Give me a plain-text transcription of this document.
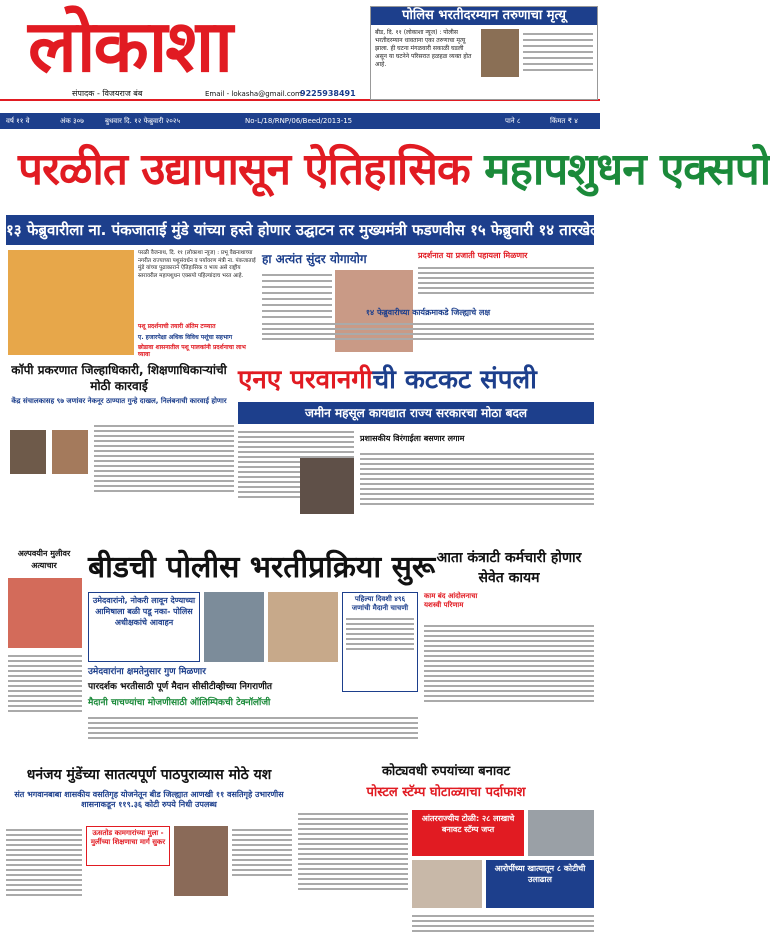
लोकाशा
संपादक - विजयराज बंब	Email - lokasha@gmail.com
9225938491
पोलिस भरतीदरम्यान तरुणाचा मृत्यू
बीड, दि. ११ (लोकाशा न्यूज) : पोलीस भरतीदरम्यान धावताना एका तरुणाचा मृत्यू झाला. ही घटना मंगळवारी सकाळी घडली असून या घटनेने परिसरात हळहळ व्यक्त होत आहे.
वर्ष ११ वे	अंक ३०७	बुधवार दि. १२ फेब्रुवारी २०२५	No-L/18/RNP/06/Beed/2013-15	पाने ८	किंमत ₹ ४
परळीत उद्यापासून ऐतिहासिक महापशुधन एक्सपो
१३ फेब्रुवारीला ना. पंकजाताई मुंडे यांच्या हस्ते होणार उद्घाटन तर मुख्यमंत्री फडणवीस १५ फेब्रुवारी १४ तारखेला येणार
परळी वैजनाथ, दि. ११ (लोकाशा न्यूज) : प्रभू वैद्यनाथाच्या नगरीत राज्याच्या पशुसंवर्धन व पर्यावरण मंत्री ना. पंकजाताई मुंडे यांच्या पुढाकाराने ऐतिहासिक व भव्य असे राष्ट्रीय स्तरावरील महापशुधन एक्सपो पहिल्यांदाच भरत आहे.
पशू प्रदर्शनाची तयारी अंतिम टप्प्यात
ए. हजारपेक्षा अधिक विविध पशूंचा सहभाग
छोडावा शासनातील पशू पालकांनी प्रदर्शनाचा लाभ घ्यावा
हा अत्यंत सुंदर योगायोग	प्रदर्शनात या प्रजाती पहायला मिळणार
१४ फेब्रुवारीच्या कार्यक्रमाकडे जिल्ह्याचे लक्ष
कॉपी प्रकरणात जिल्हाधिकारी, शिक्षणाधिकाऱ्यांची मोठी कारवाई
केंद्र संचालकासह ९७ जणांवर नेकनूर ठाण्यात गुन्हे दाखल, निलंबनाची कारवाई होणार
एनए परवानगीची कटकट संपली
जमीन महसूल कायद्यात राज्य सरकारचा मोठा बदल
प्रशासकीय विरंगाईला बसणार लगाम
अल्पवयीन मुलीवर अत्याचार	बीडची पोलीस भरतीप्रक्रिया सुरू
उमेदवारांनो, नोकरी लावून देण्याच्या आमिषाला बळी पडू नका- पोलिस अधीक्षकांचे आवाहन
पहिल्या दिवशी ४९६ जणांची मैदानी चाचणी
उमेदवारांना क्षमतेनुसार गुण मिळणार
पारदर्शक भरतीसाठी पूर्ण मैदान सीसीटीव्हीच्या निगराणीत
मैदानी चाचण्यांचा मोजणीसाठी ऑलिम्पिकची टेक्नॉलॉजी
आता कंत्राटी कर्मचारी होणार सेवेत कायम
काम बंद आंदोलनाचा यशस्वी परिणाम
धनंजय मुंडेंच्या सातत्यपूर्ण पाठपुराव्यास मोठे यश
संत भगवानबाबा शासकीय वसतिगृह योजनेतून बीड जिल्ह्यात आणखी ११ वसतिगृहे उभारणीस शासनाकडून ११९.३६ कोटी रुपये निधी उपलब्ध
ऊसतोड कामगारांच्या मुला - मुलींच्या शिक्षणाचा मार्ग सुकर
कोट्यवधी रुपयांच्या बनावट
पोस्टल स्टॅम्प घोटाळ्याचा पर्दाफाश
आंतरराज्यीय टोळी: २८ लाखाचे बनावट स्टॅम्प जप्त
आरोपींच्या खात्यातून ८ कोटीची उलाढाल
